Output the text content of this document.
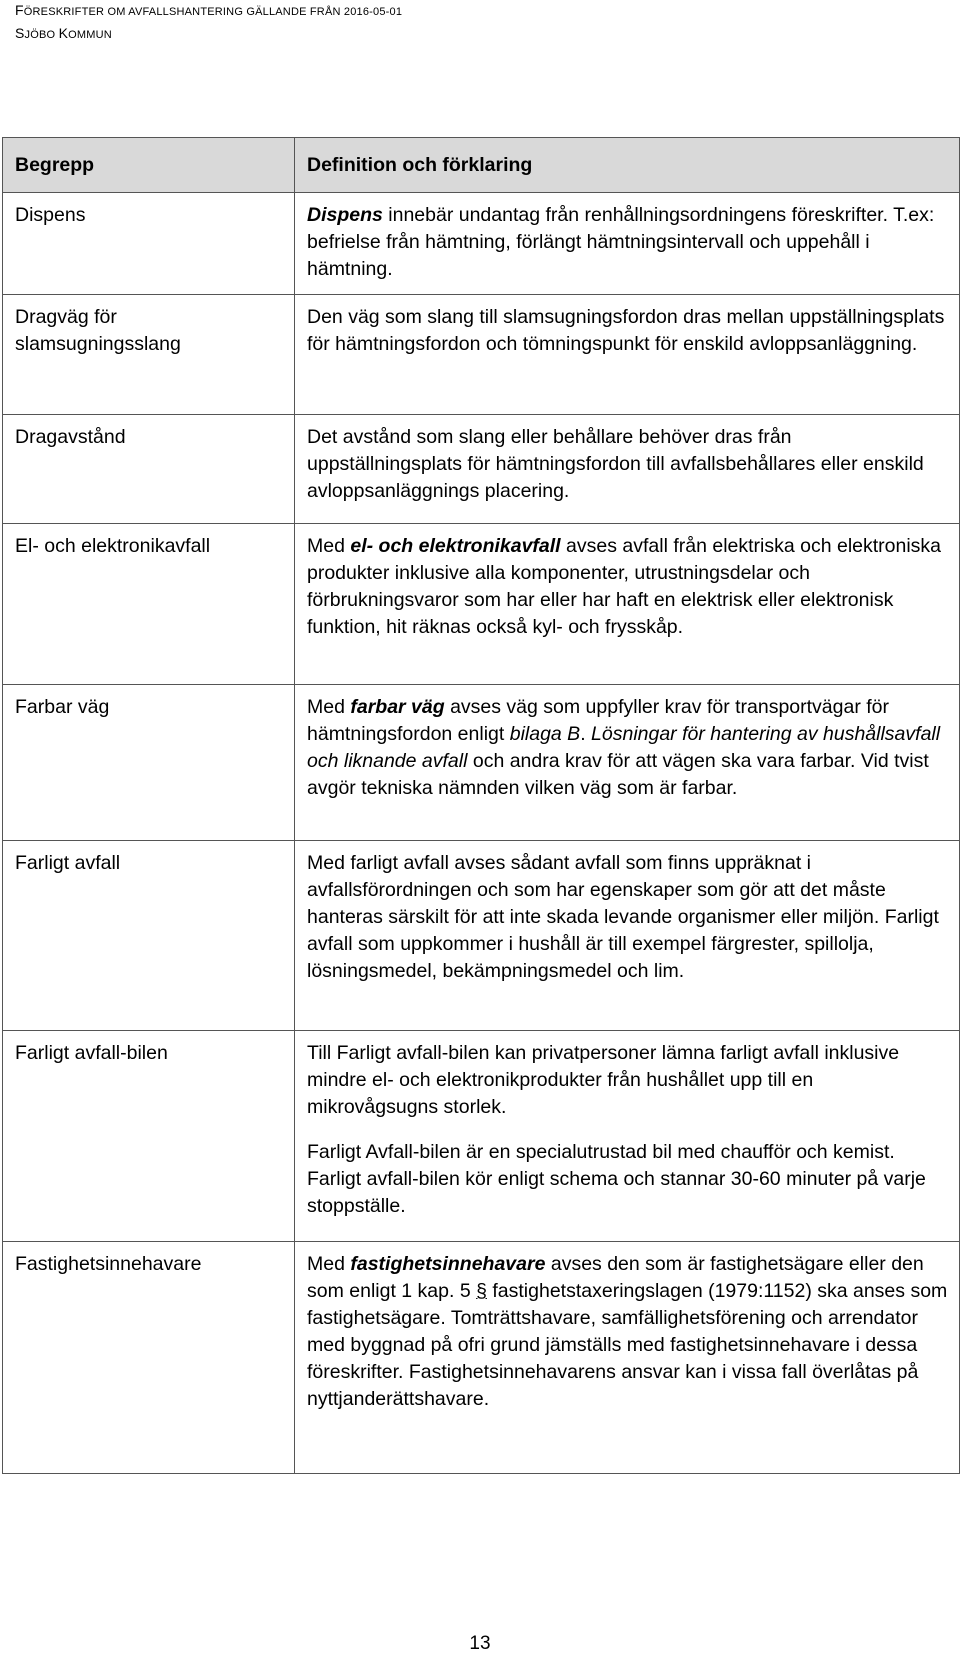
FÖRESKRIFTER OM AVFALLSHANTERING GÄLLANDE FRÅN 2016-05-01
SJÖBO KOMMUN
Begrepp	Definition och förklaring

Dispens	Dispens innebär undantag från renhållningsordningens föreskrifter. T.ex: befrielse från hämtning, förlängt hämtningsintervall och uppehåll i hämtning.

Dragväg för slamsugningsslang	Den väg som slang till slamsugningsfordon dras mellan uppställningsplats för hämtningsfordon och tömningspunkt för enskild avloppsanläggning.

Dragavstånd	Det avstånd som slang eller behållare behöver dras från uppställningsplats för hämtningsfordon till avfallsbehållares eller enskild avloppsanläggnings placering.

El- och elektronikavfall	Med el- och elektronikavfall avses avfall från elektriska och elektroniska produkter inklusive alla komponenter, utrustningsdelar och förbrukningsvaror som har eller har haft en elektrisk eller elektronisk funktion, hit räknas också kyl- och frysskåp.

Farbar väg	Med farbar väg avses väg som uppfyller krav för transportvägar för hämtningsfordon enligt bilaga B. Lösningar för hantering av hushållsavfall och liknande avfall och andra krav för att vägen ska vara farbar. Vid tvist avgör tekniska nämnden vilken väg som är farbar.

Farligt avfall	Med farligt avfall avses sådant avfall som finns uppräknat i avfallsförordningen och som har egenskaper som gör att det måste hanteras särskilt för att inte skada levande organismer eller miljön. Farligt avfall som uppkommer i hushåll är till exempel färgrester, spillolja, lösningsmedel, bekämpningsmedel och lim.

Farligt avfall-bilen	Till Farligt avfall-bilen kan privatpersoner lämna farligt avfall inklusive mindre el- och elektronikprodukter från hushållet upp till en mikrovågsugns storlek.
Farligt Avfall-bilen är en specialutrustad bil med chaufför och kemist. Farligt avfall-bilen kör enligt schema och stannar 30-60 minuter på varje stoppställe.

Fastighetsinnehavare	Med fastighetsinnehavare avses den som är fastighetsägare eller den som enligt 1 kap. 5 § fastighetstaxeringslagen (1979:1152) ska anses som fastighetsägare. Tomträttshavare, samfällighetsförening och arrendator med byggnad på ofri grund jämställs med fastighetsinnehavare i dessa föreskrifter. Fastighetsinnehavarens ansvar kan i vissa fall överlåtas på nyttjanderättshavare.
13
